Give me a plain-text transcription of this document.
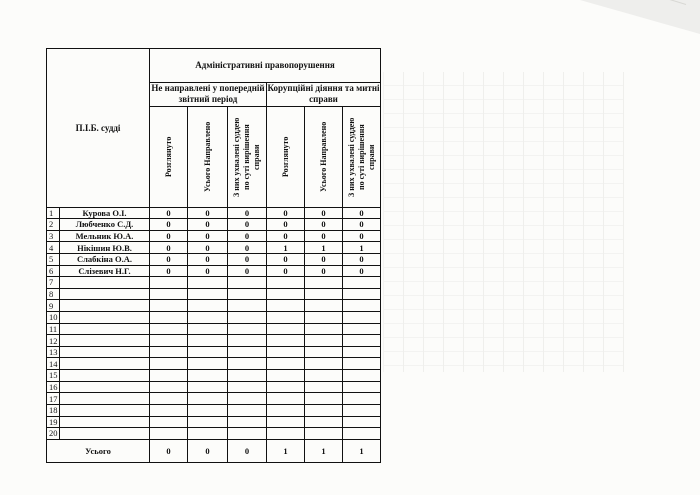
П.І.Б. судді		Адміністративні правопорушення					
		Не направлені у попередній звітний період			Корупційні діяння та митні справи		

		Розглянуто	Усього Направлено	З них ухвалені суддею по суті вирішення справи	Розглянуто	Усього Направлено	З них ухвалені суддею по суті вирішення справи

1	Курова О.І.	0	0	0	0	0	0
2	Любченко С.Д.	0	0	0	0	0	0
3	Мельник Ю.А.	0	0	0	0	0	0
4	Нікішин Ю.В.	0	0	0	1	1	1
5	Слабкіна О.А.	0	0	0	0	0	0
6	Слізевич Н.Г.	0	0	0	0	0	0
7							
8							
9							
10							
11							
12							
13							
14							
15							
16							
17							
18							
19							
20							
Усього		0	0	0	1	1	1
